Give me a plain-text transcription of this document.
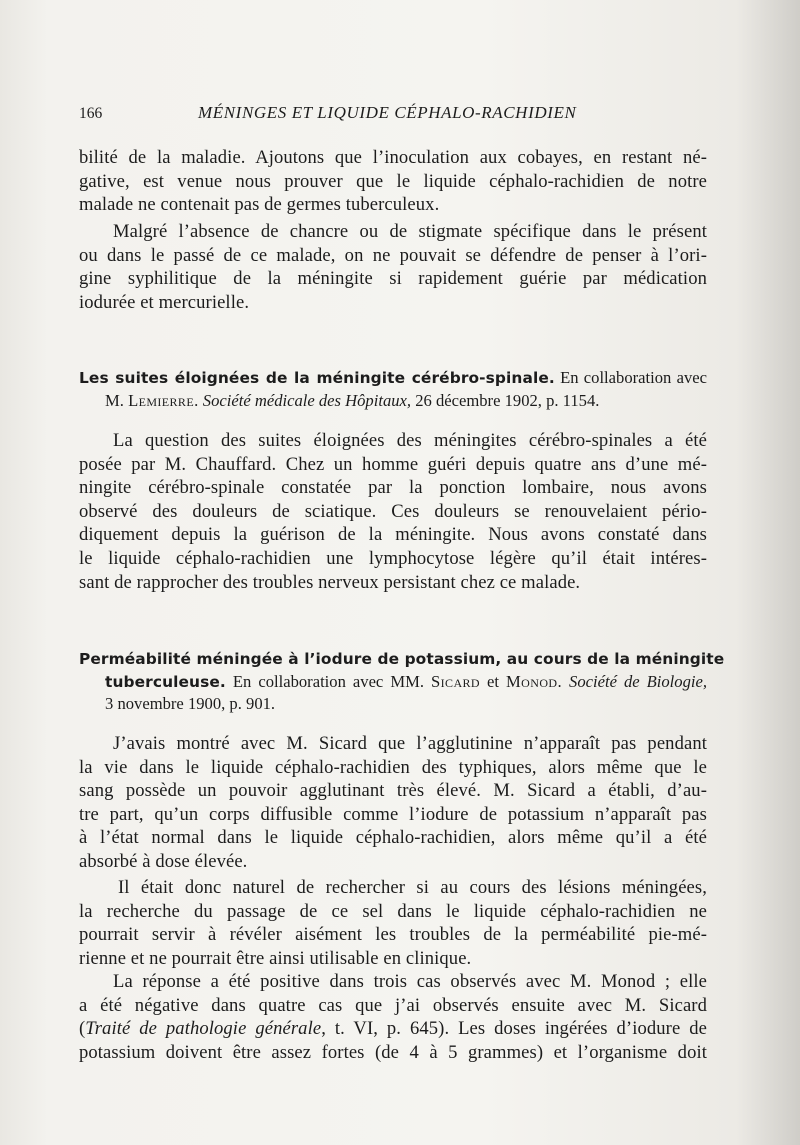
166	MÉNINGES ET LIQUIDE CÉPHALO-RACHIDIEN
bilité de la maladie. Ajoutons que l’inoculation aux cobayes, en restant né-
gative, est venue nous prouver que le liquide céphalo-rachidien de notre
malade ne contenait pas de germes tuberculeux.
Malgré l’absence de chancre ou de stigmate spécifique dans le présent
ou dans le passé de ce malade, on ne pouvait se défendre de penser à l’ori-
gine syphilitique de la méningite si rapidement guérie par médication
iodurée et mercurielle.
Les suites éloignées de la méningite cérébro-spinale. En collaboration avec
M. Lemierre. Société médicale des Hôpitaux, 26 décembre 1902, p. 1154.
La question des suites éloignées des méningites cérébro-spinales a été
posée par M. Chauffard. Chez un homme guéri depuis quatre ans d’une mé-
ningite cérébro-spinale constatée par la ponction lombaire, nous avons
observé des douleurs de sciatique. Ces douleurs se renouvelaient pério-
diquement depuis la guérison de la méningite. Nous avons constaté dans
le liquide céphalo-rachidien une lymphocytose légère qu’il était intéres-
sant de rapprocher des troubles nerveux persistant chez ce malade.
Perméabilité méningée à l’iodure de potassium, au cours de la méningite
tuberculeuse. En collaboration avec MM. Sicard et Monod. Société de Biologie,
3 novembre 1900, p. 901.
J’avais montré avec M. Sicard que l’agglutinine n’apparaît pas pendant
la vie dans le liquide céphalo-rachidien des typhiques, alors même que le
sang possède un pouvoir agglutinant très élevé. M. Sicard a établi, d’au-
tre part, qu’un corps diffusible comme l’iodure de potassium n’apparaît pas
à l’état normal dans le liquide céphalo-rachidien, alors même qu’il a été
absorbé à dose élevée.
Il était donc naturel de rechercher si au cours des lésions méningées,
la recherche du passage de ce sel dans le liquide céphalo-rachidien ne
pourrait servir à révéler aisément les troubles de la perméabilité pie-mé-
rienne et ne pourrait être ainsi utilisable en clinique.
La réponse a été positive dans trois cas observés avec M. Monod ; elle
a été négative dans quatre cas que j’ai observés ensuite avec M. Sicard
(Traité de pathologie générale, t. VI, p. 645). Les doses ingérées d’iodure de
potassium doivent être assez fortes (de 4 à 5 grammes) et l’organisme doit
